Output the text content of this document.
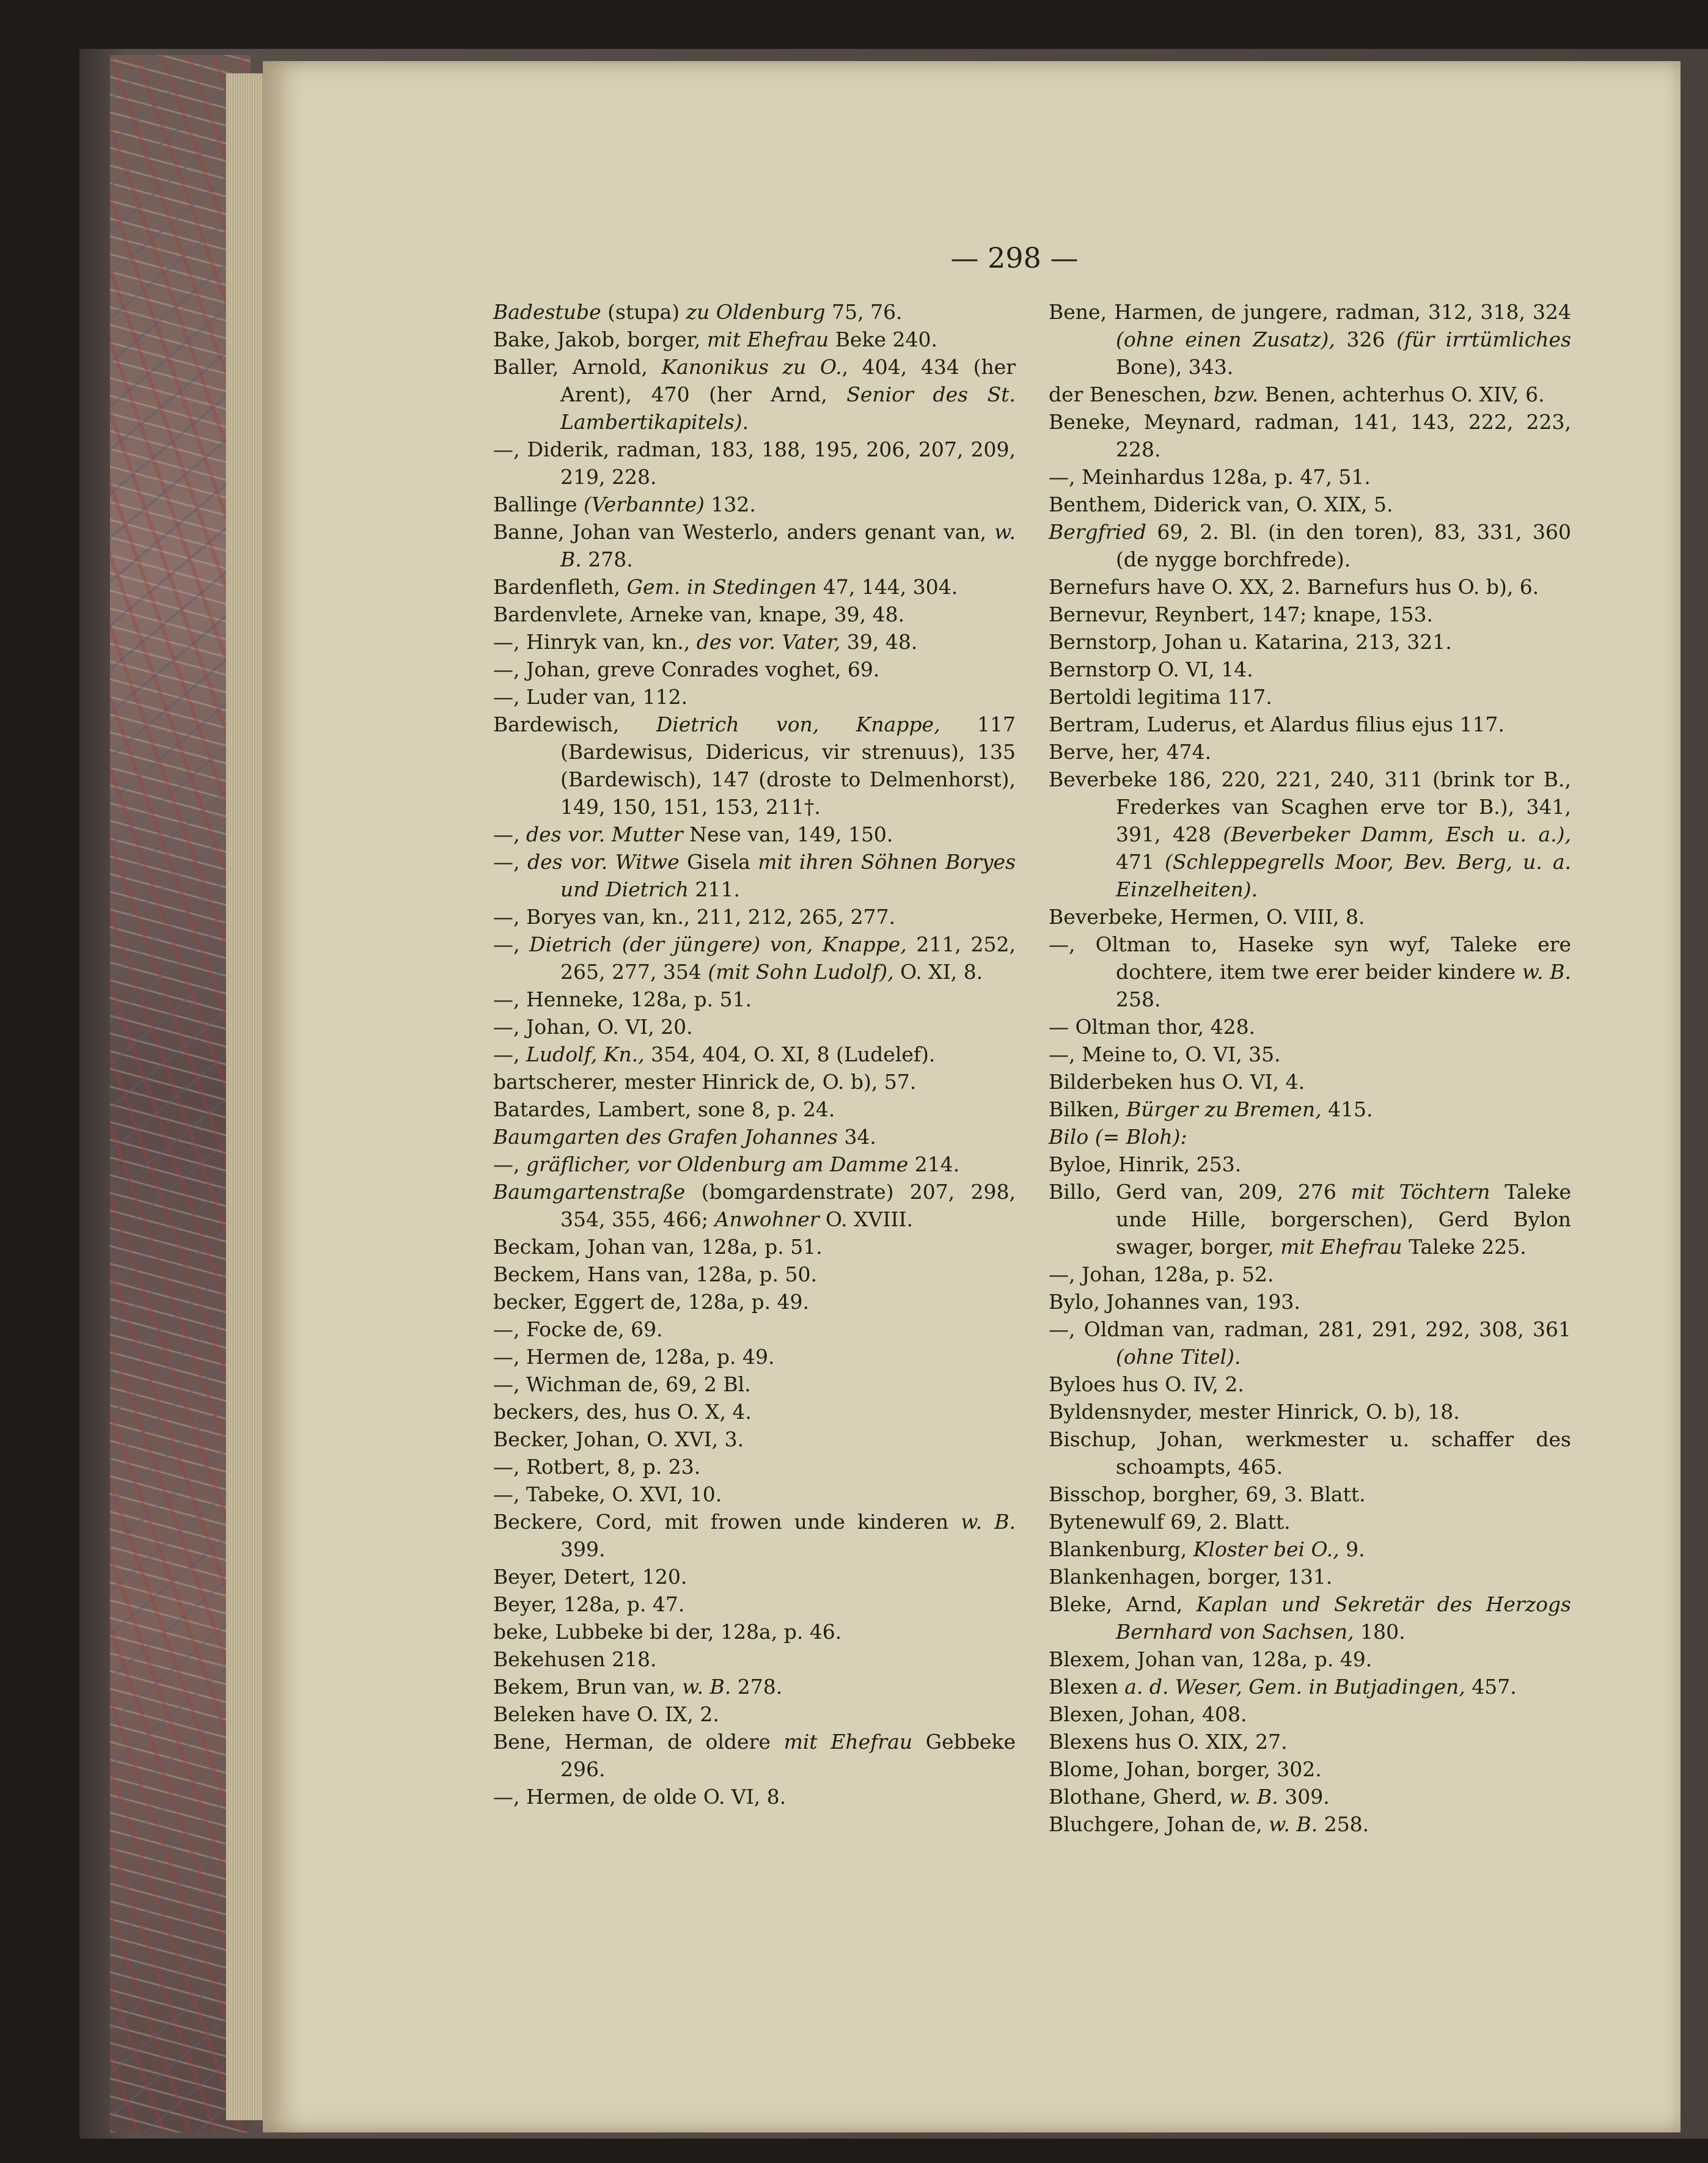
— 298 —

Badestube (stupa) zu Oldenburg 75, 76.

Bake, Jakob, borger, mit Ehefrau Beke 240.

Baller, Arnold, Kanonikus zu O., 404, 434 (her Arent), 470 (her Arnd, Senior des St. Lambertikapitels).

—, Diderik, radman, 183, 188, 195, 206, 207, 209, 219, 228.

Ballinge (Verbannte) 132.

Banne, Johan van Westerlo, anders genant van, w. B. 278.

Bardenfleth, Gem. in Stedingen 47, 144, 304.

Bardenvlete, Arneke van, knape, 39, 48.

—, Hinryk van, kn., des vor. Vater, 39, 48.

—, Johan, greve Conrades voghet, 69.

—, Luder van, 112.

Bardewisch, Dietrich von, Knappe, 117 (Bardewisus, Didericus, vir strenuus), 135 (Bardewisch), 147 (droste to Delmenhorst), 149, 150, 151, 153, 211†.

—, des vor. Mutter Nese van, 149, 150.

—, des vor. Witwe Gisela mit ihren Söhnen Boryes und Dietrich 211.

—, Boryes van, kn., 211, 212, 265, 277.

—, Dietrich (der jüngere) von, Knappe, 211, 252, 265, 277, 354 (mit Sohn Ludolf), O. XI, 8.

—, Henneke, 128a, p. 51.

—, Johan, O. VI, 20.

—, Ludolf, Kn., 354, 404, O. XI, 8 (Ludelef).

bartscherer, mester Hinrick de, O. b), 57.

Batardes, Lambert, sone 8, p. 24.

Baumgarten des Grafen Johannes 34.

—, gräflicher, vor Oldenburg am Damme 214.

Baumgartenstraße (bomgardenstrate) 207, 298, 354, 355, 466; Anwohner O. XVIII.

Beckam, Johan van, 128a, p. 51.

Beckem, Hans van, 128a, p. 50.

becker, Eggert de, 128a, p. 49.

—, Focke de, 69.

—, Hermen de, 128a, p. 49.

—, Wichman de, 69, 2 Bl.

beckers, des, hus O. X, 4.

Becker, Johan, O. XVI, 3.

—, Rotbert, 8, p. 23.

—, Tabeke, O. XVI, 10.

Beckere, Cord, mit frowen unde kinderen w. B. 399.

Beyer, Detert, 120.

Beyer, 128a, p. 47.

beke, Lubbeke bi der, 128a, p. 46.

Bekehusen 218.

Bekem, Brun van, w. B. 278.

Beleken have O. IX, 2.

Bene, Herman, de oldere mit Ehefrau Gebbeke 296.

—, Hermen, de olde O. VI, 8.

Bene, Harmen, de jungere, radman, 312, 318, 324 (ohne einen Zusatz), 326 (für irrtümliches Bone), 343.

der Beneschen, bzw. Benen, achterhus O. XIV, 6.

Beneke, Meynard, radman, 141, 143, 222, 223, 228.

—, Meinhardus 128a, p. 47, 51.

Benthem, Diderick van, O. XIX, 5.

Bergfried 69, 2. Bl. (in den toren), 83, 331, 360 (de nygge borchfrede).

Bernefurs have O. XX, 2. Barnefurs hus O. b), 6.

Bernevur, Reynbert, 147; knape, 153.

Bernstorp, Johan u. Katarina, 213, 321.

Bernstorp O. VI, 14.

Bertoldi legitima 117.

Bertram, Luderus, et Alardus filius ejus 117.

Berve, her, 474.

Beverbeke 186, 220, 221, 240, 311 (brink tor B., Frederkes van Scaghen erve tor B.), 341, 391, 428 (Beverbeker Damm, Esch u. a.), 471 (Schleppegrells Moor, Bev. Berg, u. a. Einzelheiten).

Beverbeke, Hermen, O. VIII, 8.

—, Oltman to, Haseke syn wyf, Taleke ere dochtere, item twe erer beider kindere w. B. 258.

— Oltman thor, 428.

—, Meine to, O. VI, 35.

Bilderbeken hus O. VI, 4.

Bilken, Bürger zu Bremen, 415.

Bilo (= Bloh):

Byloe, Hinrik, 253.

Billo, Gerd van, 209, 276 mit Töchtern Taleke unde Hille, borgerschen), Gerd Bylon swager, borger, mit Ehefrau Taleke 225.

—, Johan, 128a, p. 52.

Bylo, Johannes van, 193.

—, Oldman van, radman, 281, 291, 292, 308, 361 (ohne Titel).

Byloes hus O. IV, 2.

Byldensnyder, mester Hinrick, O. b), 18.

Bischup, Johan, werkmester u. schaffer des schoampts, 465.

Bisschop, borgher, 69, 3. Blatt.

Bytenewulf 69, 2. Blatt.

Blankenburg, Kloster bei O., 9.

Blankenhagen, borger, 131.

Bleke, Arnd, Kaplan und Sekretär des Herzogs Bernhard von Sachsen, 180.

Blexem, Johan van, 128a, p. 49.

Blexen a. d. Weser, Gem. in Butjadingen, 457.

Blexen, Johan, 408.

Blexens hus O. XIX, 27.

Blome, Johan, borger, 302.

Blothane, Gherd, w. B. 309.

Bluchgere, Johan de, w. B. 258.
